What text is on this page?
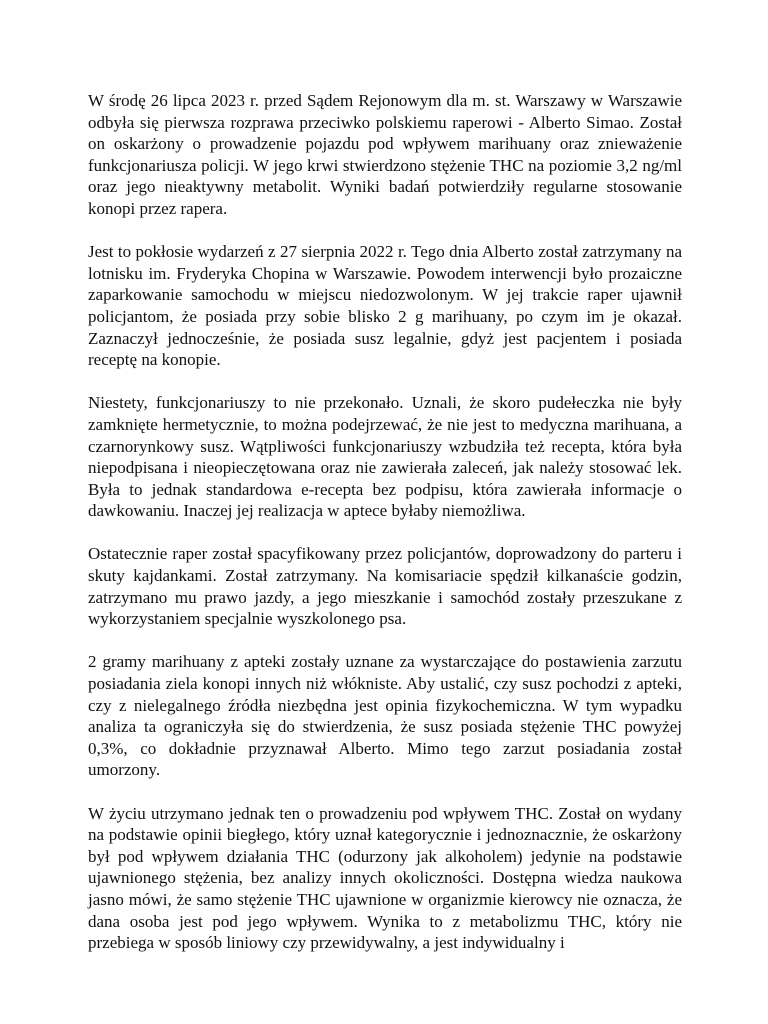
W środę 26 lipca 2023 r. przed Sądem Rejonowym dla m. st. Warszawy w Warszawie odbyła się pierwsza rozprawa przeciwko polskiemu raperowi - Alberto Simao. Został on oskarżony o prowadzenie pojazdu pod wpływem marihuany oraz znieważenie funkcjonariusza policji. W jego krwi stwierdzono stężenie THC na poziomie 3,2 ng/ml oraz jego nieaktywny metabolit. Wyniki badań potwierdziły regularne stosowanie konopi przez rapera.

Jest to pokłosie wydarzeń z 27 sierpnia 2022 r. Tego dnia Alberto został zatrzymany na lotnisku im. Fryderyka Chopina w Warszawie. Powodem interwencji było prozaiczne zaparkowanie samochodu w miejscu niedozwolonym. W jej trakcie raper ujawnił policjantom, że posiada przy sobie blisko 2 g marihuany, po czym im je okazał. Zaznaczył jednocześnie, że posiada susz legalnie, gdyż jest pacjentem i posiada receptę na konopie.

Niestety, funkcjonariuszy to nie przekonało. Uznali, że skoro pudełeczka nie były zamknięte hermetycznie, to można podejrzewać, że nie jest to medyczna marihuana, a czarnorynkowy susz. Wątpliwości funkcjonariuszy wzbudziła też recepta, która była niepodpisana i nieopieczętowana oraz nie zawierała zaleceń, jak należy stosować lek. Była to jednak standardowa e-recepta bez podpisu, która zawierała informacje o dawkowaniu. Inaczej jej realizacja w aptece byłaby niemożliwa.

Ostatecznie raper został spacyfikowany przez policjantów, doprowadzony do parteru i skuty kajdankami. Został zatrzymany. Na komisariacie spędził kilkanaście godzin, zatrzymano mu prawo jazdy, a jego mieszkanie i samochód zostały przeszukane z wykorzystaniem specjalnie wyszkolonego psa.

2 gramy marihuany z apteki zostały uznane za wystarczające do postawienia zarzutu posiadania ziela konopi innych niż włókniste. Aby ustalić, czy susz pochodzi z apteki, czy z nielegalnego źródła niezbędna jest opinia fizykochemiczna. W tym wypadku analiza ta ograniczyła się do stwierdzenia, że susz posiada stężenie THC powyżej 0,3%, co dokładnie przyznawał Alberto. Mimo tego zarzut posiadania został umorzony.

W życiu utrzymano jednak ten o prowadzeniu pod wpływem THC. Został on wydany na podstawie opinii biegłego, który uznał kategorycznie i jednoznacznie, że oskarżony był pod wpływem działania THC (odurzony jak alkoholem) jedynie na podstawie ujawnionego stężenia, bez analizy innych okoliczności. Dostępna wiedza naukowa jasno mówi, że samo stężenie THC ujawnione w organizmie kierowcy nie oznacza, że dana osoba jest pod jego wpływem. Wynika to z metabolizmu THC, który nie przebiega w sposób liniowy czy przewidywalny, a jest indywidualny i
